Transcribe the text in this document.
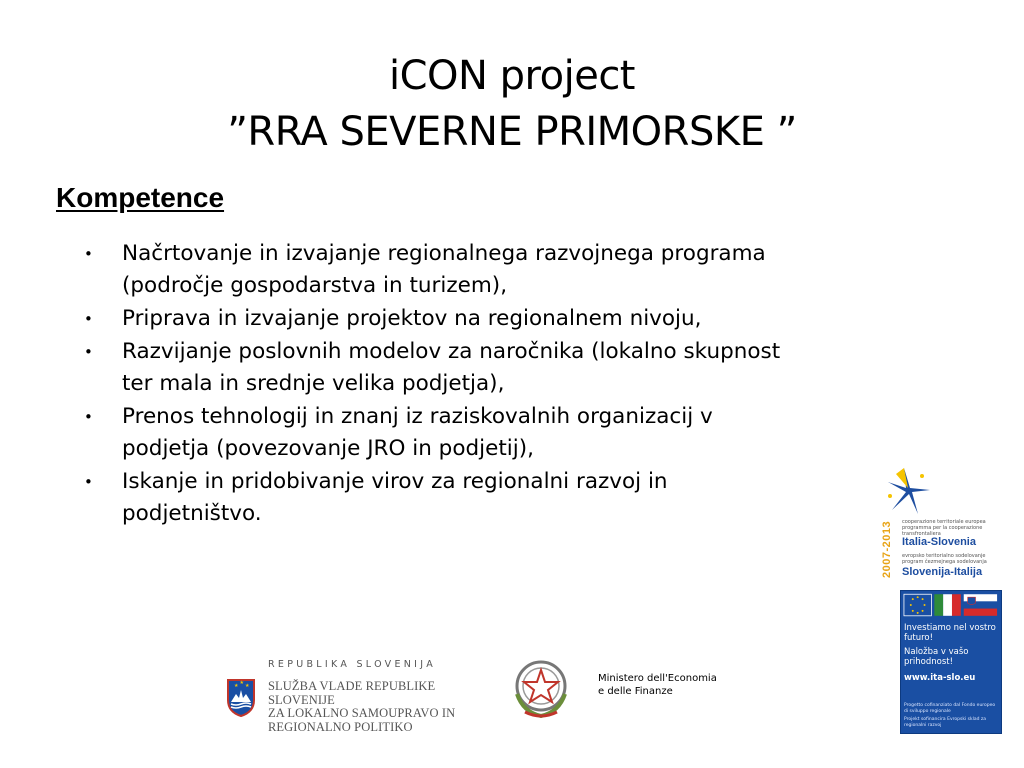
iCON project
”RRA SEVERNE PRIMORSKE ”
Kompetence
• Načrtovanje in izvajanje regionalnega razvojnega programa (področje gospodarstva in turizem),
• Priprava in izvajanje projektov na regionalnem nivoju,
• Razvijanje poslovnih modelov za naročnika (lokalno skupnost ter mala in srednje velika podjetja),
• Prenos tehnologij in znanj iz raziskovalnih organizacij v podjetja (povezovanje JRO in podjetij),
• Iskanje in pridobivanje virov za regionalni razvoj in podjetništvo.
REPUBLIKA SLOVENIJA
★ ★
★ SLUŽBA VLADE REPUBLIKE SLOVENIJE
ZA LOKALNO SAMOUPRAVO IN
REGIONALNO POLITIKO
Ministero dell'Economia
e delle Finanze
2007-2013 cooperazione territoriale europea programma per la cooperazione transfrontaliera
Italia-Slovenia
evropsko teritorialno sodelovanje program čezmejnega sodelovanja
Slovenija-Italija
Investiamo nel vostro futuro!
Naložba v vašo prihodnost!
www.ita-slo.eu
Progetto cofinanziato dal Fondo europeo di sviluppo regionale
Projekt sofinancira Evropski sklad za regionalni razvoj
